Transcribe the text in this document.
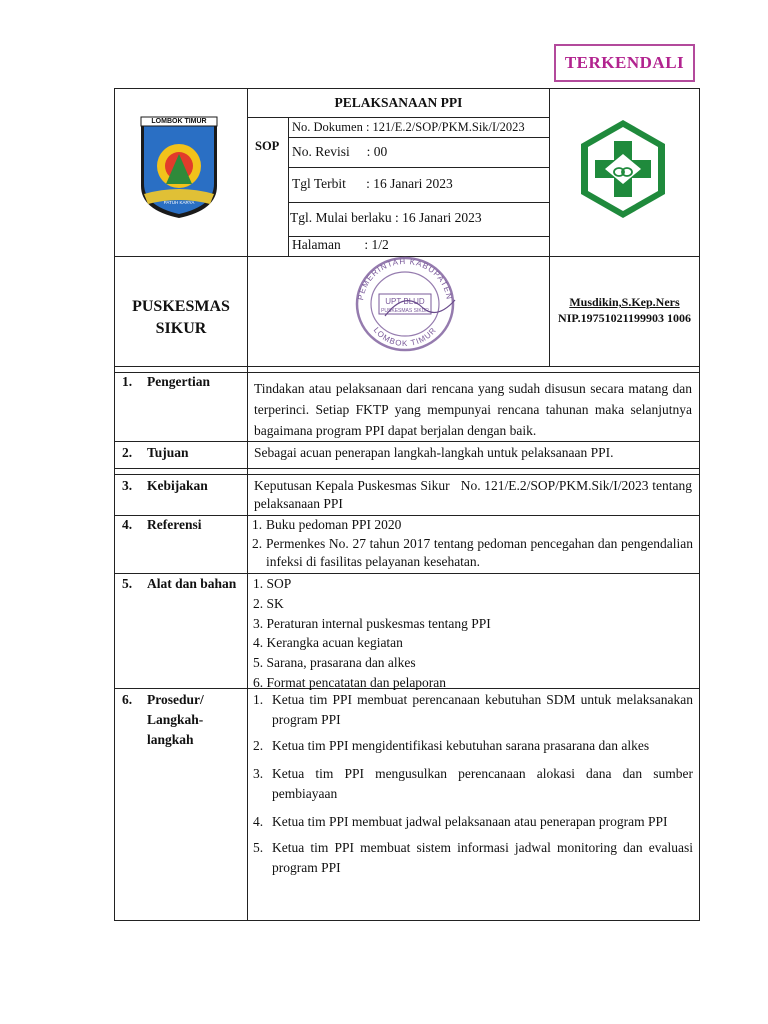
TERKENDALI
LOMBOK TIMUR
PATUH KARYA
PELAKSANAAN PPI
SOP
No. Dokumen : 121/E.2/SOP/PKM.Sik/I/2023
No. Revisi     : 00
Tgl Terbit      : 16 Janari 2023
Tgl. Mulai berlaku : 16 Janari 2023
Halaman       : 1/2
PUSKESMAS
SIKUR
PEMERINTAH KABUPATEN
LOMBOK TIMUR
UPT BLUD
PUSKESMAS SIKUR
Musdikin,S.Kep.Ners
NIP.19751021199903 1006
1. Pengertian	Tindakan atau pelaksanaan dari rencana yang sudah disusun secara matang dan terperinci. Setiap FKTP yang mempunyai rencana tahunan maka selanjutnya bagaimana program PPI dapat berjalan dengan baik.
2. Tujuan	Sebagai acuan penerapan langkah-langkah untuk pelaksanaan PPI.
3. Kebijakan	Keputusan Kepala Puskesmas Sikur   No. 121/E.2/SOP/PKM.Sik/I/2023 tentang pelaksanaan PPI
4. Referensi	1. Buku pedoman PPI 2020
2. Permenkes No. 27 tahun 2017 tentang pedoman pencegahan dan pengendalian infeksi di fasilitas pelayanan kesehatan.
5. Alat dan bahan 1. SOP
2. SK
3. Peraturan internal puskesmas tentang PPI
4. Kerangka acuan kegiatan
5. Sarana, prasarana dan alkes
6. Format pencatatan dan pelaporan
6. Prosedur/
Langkah-
langkah
1. Ketua tim PPI membuat perencanaan kebutuhan SDM untuk melaksanakan program PPI
2. Ketua tim PPI mengidentifikasi kebutuhan sarana prasarana dan alkes
3. Ketua tim PPI mengusulkan perencanaan alokasi dana dan sumber pembiayaan
4. Ketua tim PPI membuat jadwal pelaksanaan atau penerapan program PPI
5. Ketua tim PPI membuat sistem informasi jadwal monitoring dan evaluasi program PPI
